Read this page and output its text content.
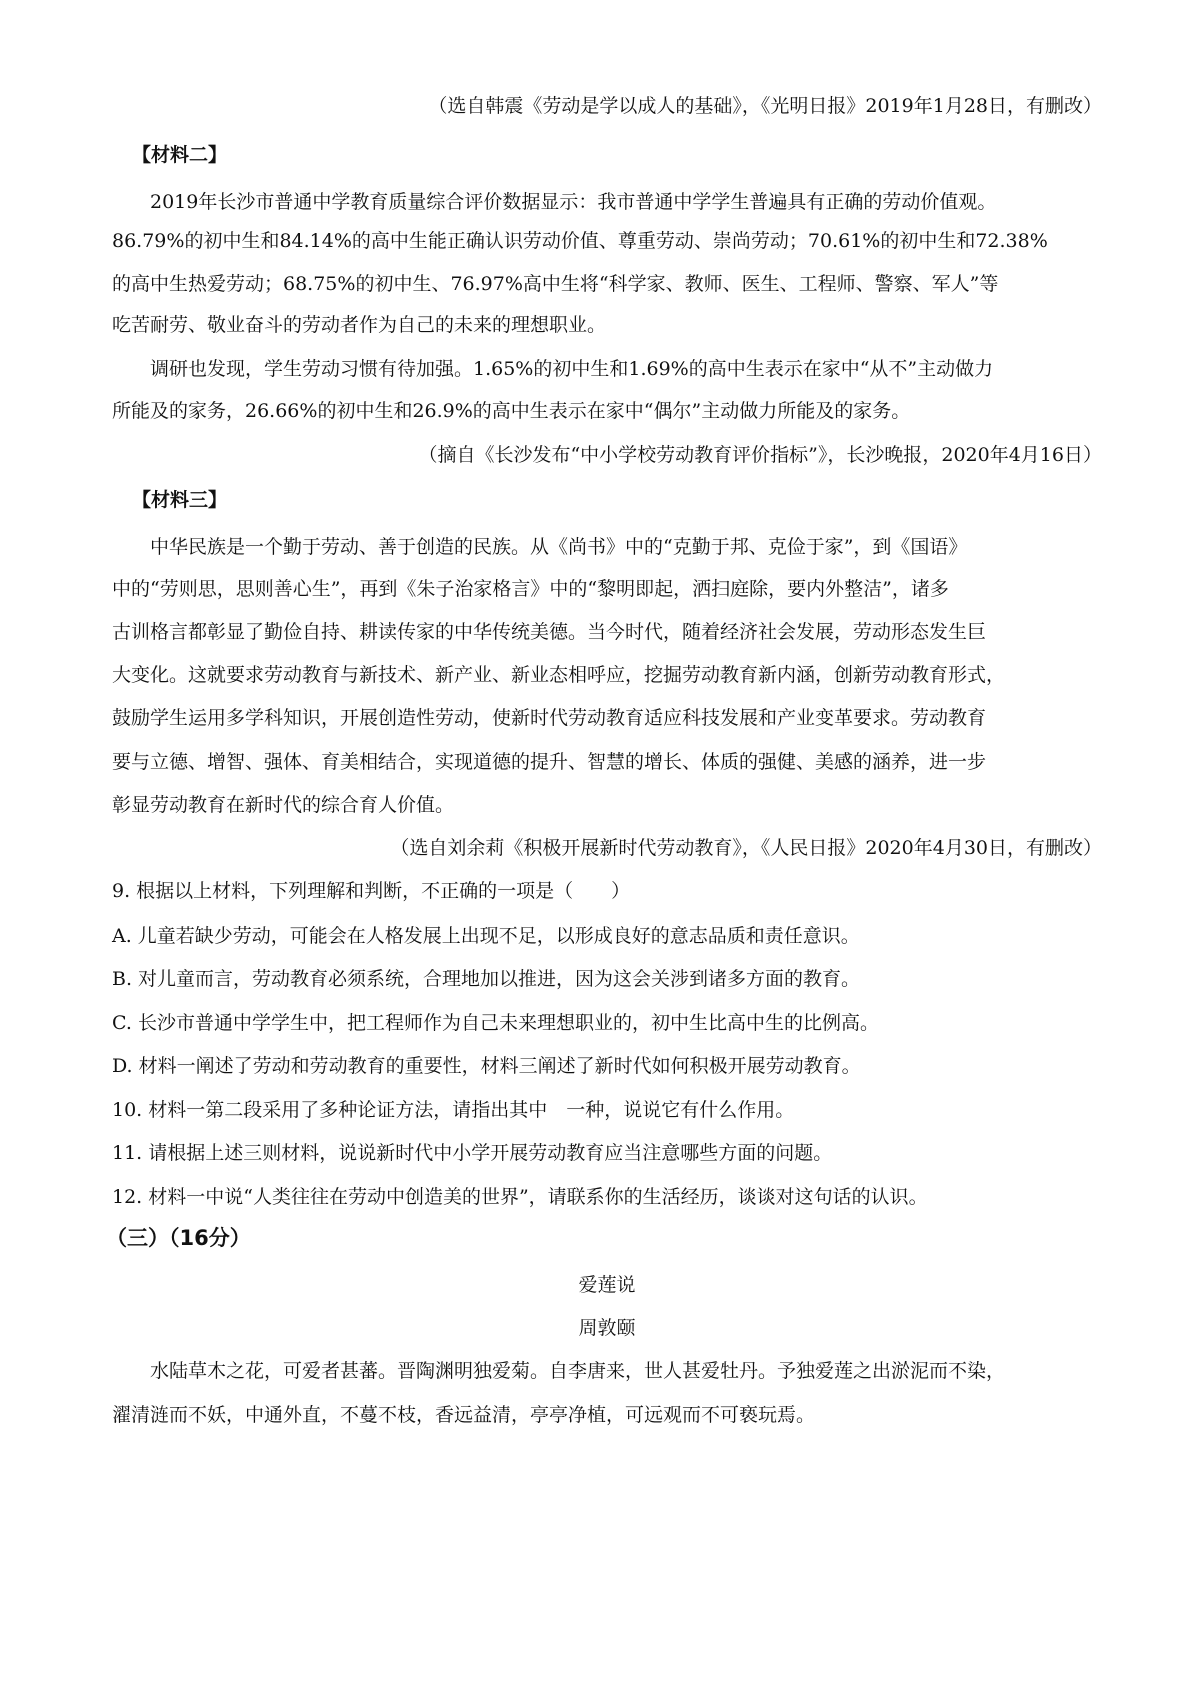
（选自韩震《劳动是学以成人的基础》，《光明日报》2019年1月28日，有删改）
【材料二】
2019年长沙市普通中学教育质量综合评价数据显示：我市普通中学学生普遍具有正确的劳动价值观。
86.79%的初中生和84.14%的高中生能正确认识劳动价值、尊重劳动、崇尚劳动；70.61%的初中生和72.38%
的高中生热爱劳动；68.75%的初中生、76.97%高中生将“科学家、教师、医生、工程师、警察、军人”等
吃苦耐劳、敬业奋斗的劳动者作为自己的未来的理想职业。
调研也发现，学生劳动习惯有待加强。1.65%的初中生和1.69%的高中生表示在家中“从不”主动做力
所能及的家务，26.66%的初中生和26.9%的高中生表示在家中“偶尔”主动做力所能及的家务。
（摘自《长沙发布“中小学校劳动教育评价指标”》，长沙晚报，2020年4月16日）
【材料三】
中华民族是一个勤于劳动、善于创造的民族。从《尚书》中的“克勤于邦、克俭于家”，到《国语》
中的“劳则思，思则善心生”，再到《朱子治家格言》中的“黎明即起，洒扫庭除，要内外整洁”，诸多
古训格言都彰显了勤俭自持、耕读传家的中华传统美德。当今时代，随着经济社会发展，劳动形态发生巨
大变化。这就要求劳动教育与新技术、新产业、新业态相呼应，挖掘劳动教育新内涵，创新劳动教育形式，
鼓励学生运用多学科知识，开展创造性劳动，使新时代劳动教育适应科技发展和产业变革要求。劳动教育
要与立德、增智、强体、育美相结合，实现道德的提升、智慧的增长、体质的强健、美感的涵养，进一步
彰显劳动教育在新时代的综合育人价值。
（选自刘余莉《积极开展新时代劳动教育》，《人民日报》2020年4月30日，有删改）
9. 根据以上材料，下列理解和判断，不正确的一项是（　　）
A. 儿童若缺少劳动，可能会在人格发展上出现不足，以形成良好的意志品质和责任意识。
B. 对儿童而言，劳动教育必须系统，合理地加以推进，因为这会关涉到诸多方面的教育。
C. 长沙市普通中学学生中，把工程师作为自己未来理想职业的，初中生比高中生的比例高。
D. 材料一阐述了劳动和劳动教育的重要性，材料三阐述了新时代如何积极开展劳动教育。
10. 材料一第二段采用了多种论证方法，请指出其中　一种，说说它有什么作用。
11. 请根据上述三则材料，说说新时代中小学开展劳动教育应当注意哪些方面的问题。
12. 材料一中说“人类往往在劳动中创造美的世界”，请联系你的生活经历，谈谈对这句话的认识。
（三）（16分）
爱莲说
周敦颐
水陆草木之花，可爱者甚蕃。晋陶渊明独爱菊。自李唐来，世人甚爱牡丹。予独爱莲之出淤泥而不染，
濯清涟而不妖，中通外直，不蔓不枝，香远益清，亭亭净植，可远观而不可亵玩焉。
